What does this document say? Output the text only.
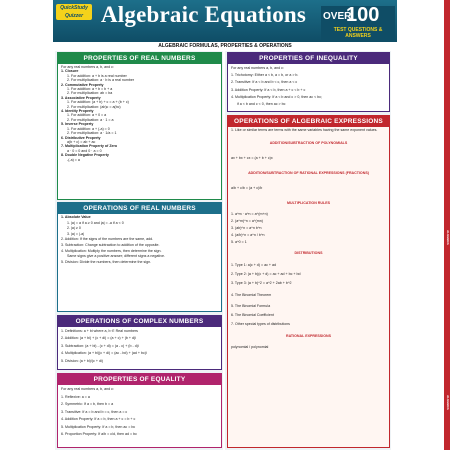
QuickStudy
Quizzer Algebraic Equations OVER
100
TEST QUESTIONS & ANSWERS
ALGEBRAIC FORMULAS, PROPERTIES & OPERATIONS
PROPERTIES OF REAL NUMBERS
For any real numbers a, b, and c:
1. Closure
1. For addition: a + b is a real number
2. For multiplication: a · b is a real number
2. Commutative Property
1. For addition: a + b = b + a
2. For multiplication: ab = ba
3. Associative Property
1. For addition: (a + b) + c = a + (b + c)
2. For multiplication: (ab)c = a(bc)
4. Identity Property
1. For addition: a + 0 = a
2. For multiplication: a · 1 = a
5. Inverse Property
1. For addition: a + (-a) = 0
2. For multiplication: a · 1/a = 1
6. Distributive Property
a(b + c) = ab + ac
7. Multiplication Property of Zero
a · 0 = 0 and 0 · a = 0
8. Double Negative Property
-(-a) = a
OPERATIONS OF REAL NUMBERS
1. Absolute Value
1. |a| = a if a ≥ 0 and |a| = -a if a < 0
2. |a| ≥ 0
3. |a| = |-a|
2. Addition: If the signs of the numbers are the same, add.
3. Subtraction: Change subtraction to addition of the opposite.
4. Multiplication: Multiply the numbers, then determine the sign.
Same signs give a positive answer; different signs a negative.
5. Division: Divide the numbers, then determine the sign.
OPERATIONS OF COMPLEX NUMBERS
1. Definitions: a + bi where a, b ∈ Real numbers
2. Addition: (a + bi) + (c + di) = (a + c) + (b + d)i
3. Subtraction: (a + bi) - (c + di) = (a - c) + (b - d)i
4. Multiplication: (a + bi)(c + di) = (ac - bd) + (ad + bc)i
5. Division: (a + bi)/(c + di)
PROPERTIES OF EQUALITY
For any real numbers a, b, and c:
1. Reflexive: a = a
2. Symmetric: If a = b, then b = a
3. Transitive: If a = b and b = c, then a = c
4. Addition Property: If a = b, then a + c = b + c
5. Multiplication Property: If a = b, then ac = bc
6. Proportion Property: If a/b = c/d, then ad = bc
PROPERTIES OF INEQUALITY
For any real numbers a, b, and c:
1. Trichotomy: Either a < b, a = b, or a > b.
2. Transitive: If a < b and b < c, then a < c
3. Addition Property: If a < b, then a + c < b + c
4. Multiplication Property: If a < b and c > 0, then ac < bc;
if a < b and c < 0, then ac > bc
OPERATIONS OF ALGEBRAIC EXPRESSIONS
1. Like or similar terms are terms with the same variables having the same exponent values.
ADDITION/SUBTRACTION OF POLYNOMIALS
ax + bx + cx = (a + b + c)x
ADDITION/SUBTRACTION OF RATIONAL EXPRESSIONS (FRACTIONS)
a/b + c/b = (a + c)/b
MULTIPLICATION RULES
1. a^m · a^n = a^(m+n)
2. (a^m)^n = a^(mn)
3. (ab)^n = a^n b^n
4. (a/b)^n = a^n / b^n
5. a^0 = 1
DISTRIBUTIONS
1. Type 1: a(c + d) = ac + ad
2. Type 2: (a + b)(c + d) = ac + ad + bc + bd
3. Type 3: (a + b)^2 = a^2 + 2ab + b^2
4. The Binomial Theorem
5. The Binomial Formula
6. The Binomial Coefficient
7. Other special types of distributions
RATIONAL EXPRESSIONS
polynomial / polynomial
ALGEBRA
ALGEBRA
